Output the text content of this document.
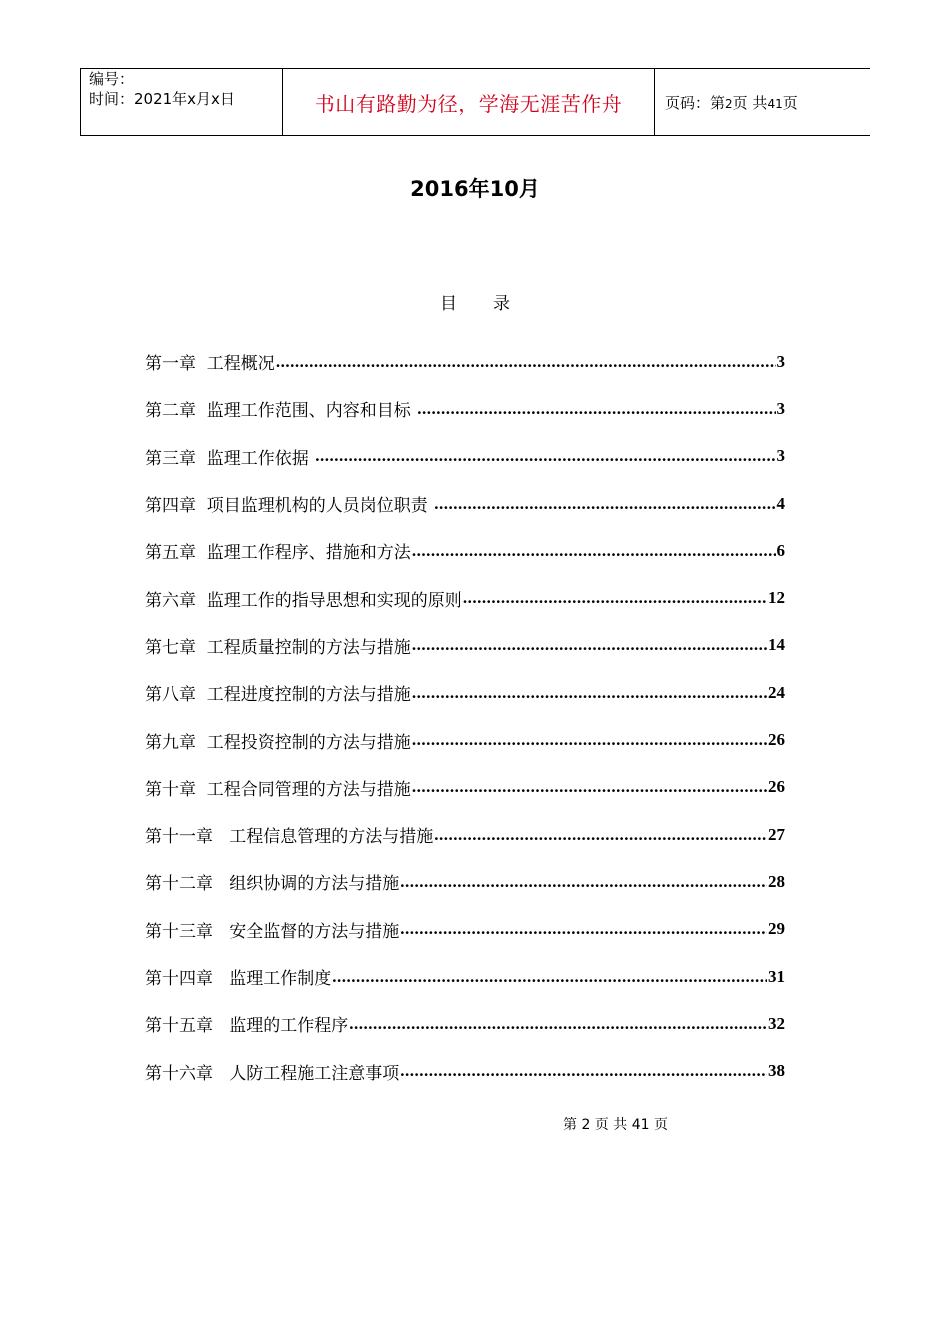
编号：
时间：2021年x月x日	书山有路勤为径，学海无涯苦作舟	页码：第2页 共41页
2016年10月
目录
第一章  工程概况 .....	3
第二章  监理工作范围、内容和目标 .....	3
第三章  监理工作依据 .....	3
第四章  项目监理机构的人员岗位职责 .....	4
第五章  监理工作程序、措施和方法 .....	6
第六章  监理工作的指导思想和实现的原则 .....	12
第七章  工程质量控制的方法与措施 .....	14
第八章  工程进度控制的方法与措施 .....	24
第九章  工程投资控制的方法与措施 .....	26
第十章  工程合同管理的方法与措施 .....	26
第十一章   工程信息管理的方法与措施 .....	27
第十二章   组织协调的方法与措施 .....	28
第十三章   安全监督的方法与措施 .....	29
第十四章   监理工作制度 .....	31
第十五章   监理的工作程序 .....	32
第十六章   人防工程施工注意事项 .....	38
第 2 页 共 41 页
